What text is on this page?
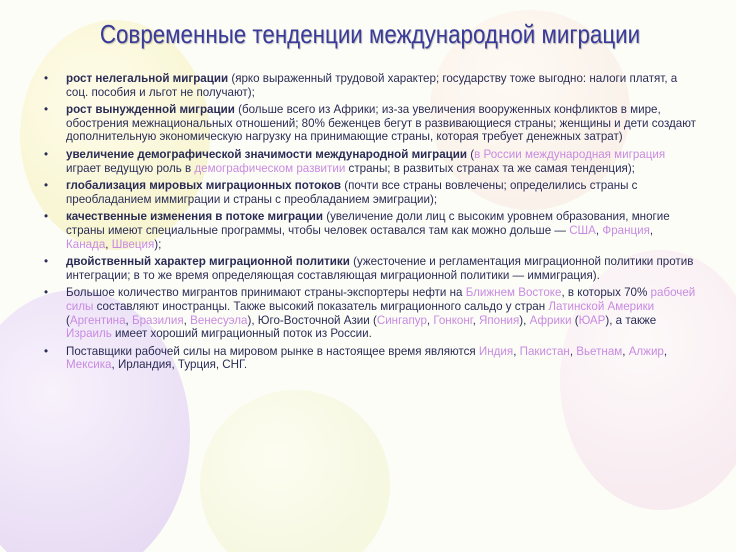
Современные тенденции международной миграции
• рост нелегальной миграции (ярко выраженный трудовой характер; государству тоже выгодно: налоги платят, а соц. пособия и льгот не получают);
• рост вынужденной миграции (больше всего из Африки; из-за увеличения вооруженных конфликтов в мире, обострения межнациональных отношений; 80% беженцев бегут в развивающиеся страны; женщины и дети создают дополнительную экономическую нагрузку на принимающие страны, которая требует денежных затрат)
• увеличение демографической значимости международной миграции (в России международная миграция играет ведущую роль в демографическом развитии страны; в развитых странах та же самая тенденция);
• глобализация мировых миграционных потоков (почти все страны вовлечены; определились страны с преобладанием иммиграции и страны с преобладанием эмиграции);
• качественные изменения в потоке миграции (увеличение доли лиц с высоким уровнем образования, многие страны имеют специальные программы, чтобы человек оставался там как можно дольше — США, Франция, Канада, Швеция);
• двойственный характер миграционной политики (ужесточение и регламентация миграционной политики против интеграции; в то же время определяющая составляющая миграционной политики — иммиграция).
• Большое количество мигрантов принимают страны-экспортеры нефти на Ближнем Востоке, в которых 70% рабочей силы составляют иностранцы. Также высокий показатель миграционного сальдо у стран Латинской Америки (Аргентина, Бразилия, Венесуэла), Юго-Восточной Азии (Сингапур, Гонконг, Япония), Африки (ЮАР), а также Израиль имеет хороший миграционный поток из России.
• Поставщики рабочей силы на мировом рынке в настоящее время являются Индия, Пакистан, Вьетнам, Алжир, Мексика, Ирландия, Турция, СНГ.
